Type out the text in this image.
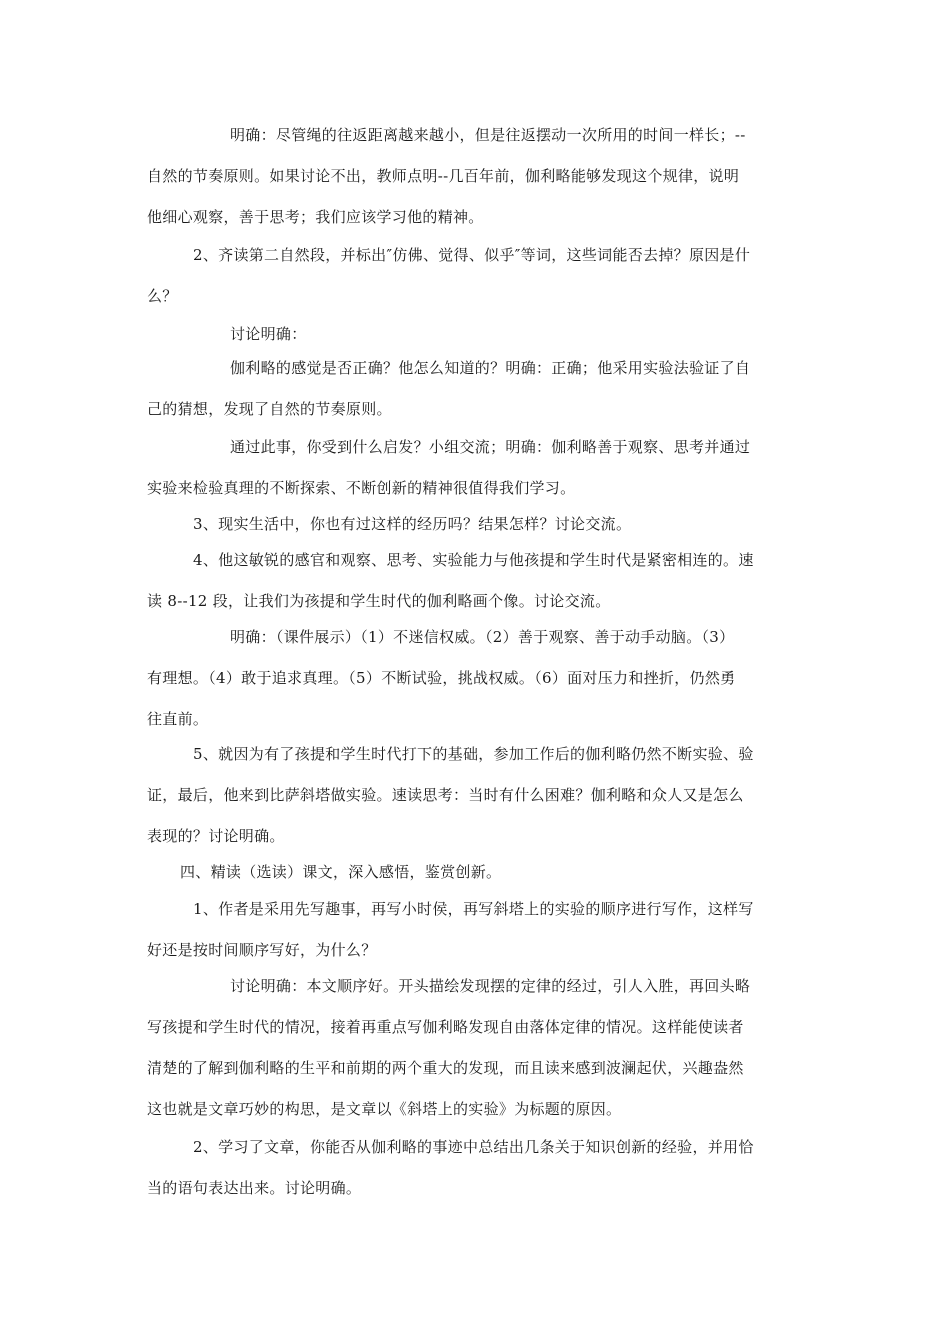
明确：尽管绳的往返距离越来越小，但是往返摆动一次所用的时间一样长；--
自然的节奏原则。如果讨论不出，教师点明--几百年前，伽利略能够发现这个规律，说明
他细心观察，善于思考；我们应该学习他的精神。
2、齐读第二自然段，并标出″仿佛、觉得、似乎″等词，这些词能否去掉？原因是什
么？
讨论明确：
伽利略的感觉是否正确？他怎么知道的？明确：正确；他采用实验法验证了自
己的猜想，发现了自然的节奏原则。
通过此事，你受到什么启发？小组交流；明确：伽利略善于观察、思考并通过
实验来检验真理的不断探索、不断创新的精神很值得我们学习。
3、现实生活中，你也有过这样的经历吗？结果怎样？讨论交流。
4、他这敏锐的感官和观察、思考、实验能力与他孩提和学生时代是紧密相连的。速
读 8--12 段，让我们为孩提和学生时代的伽利略画个像。讨论交流。
明确：（课件展示）（1）不迷信权威。（2）善于观察、善于动手动脑。（3）
有理想。（4）敢于追求真理。（5）不断试验，挑战权威。（6）面对压力和挫折，仍然勇
往直前。
5、就因为有了孩提和学生时代打下的基础，参加工作后的伽利略仍然不断实验、验
证，最后，他来到比萨斜塔做实验。速读思考：当时有什么困难？伽利略和众人又是怎么
表现的？讨论明确。
四、精读（选读）课文，深入感悟，鉴赏创新。
1、作者是采用先写趣事，再写小时侯，再写斜塔上的实验的顺序进行写作，这样写
好还是按时间顺序写好，为什么？
讨论明确：本文顺序好。开头描绘发现摆的定律的经过，引人入胜，再回头略
写孩提和学生时代的情况，接着再重点写伽利略发现自由落体定律的情况。这样能使读者
清楚的了解到伽利略的生平和前期的两个重大的发现，而且读来感到波澜起伏，兴趣盎然
这也就是文章巧妙的构思，是文章以《斜塔上的实验》为标题的原因。
2、学习了文章，你能否从伽利略的事迹中总结出几条关于知识创新的经验，并用恰
当的语句表达出来。讨论明确。
